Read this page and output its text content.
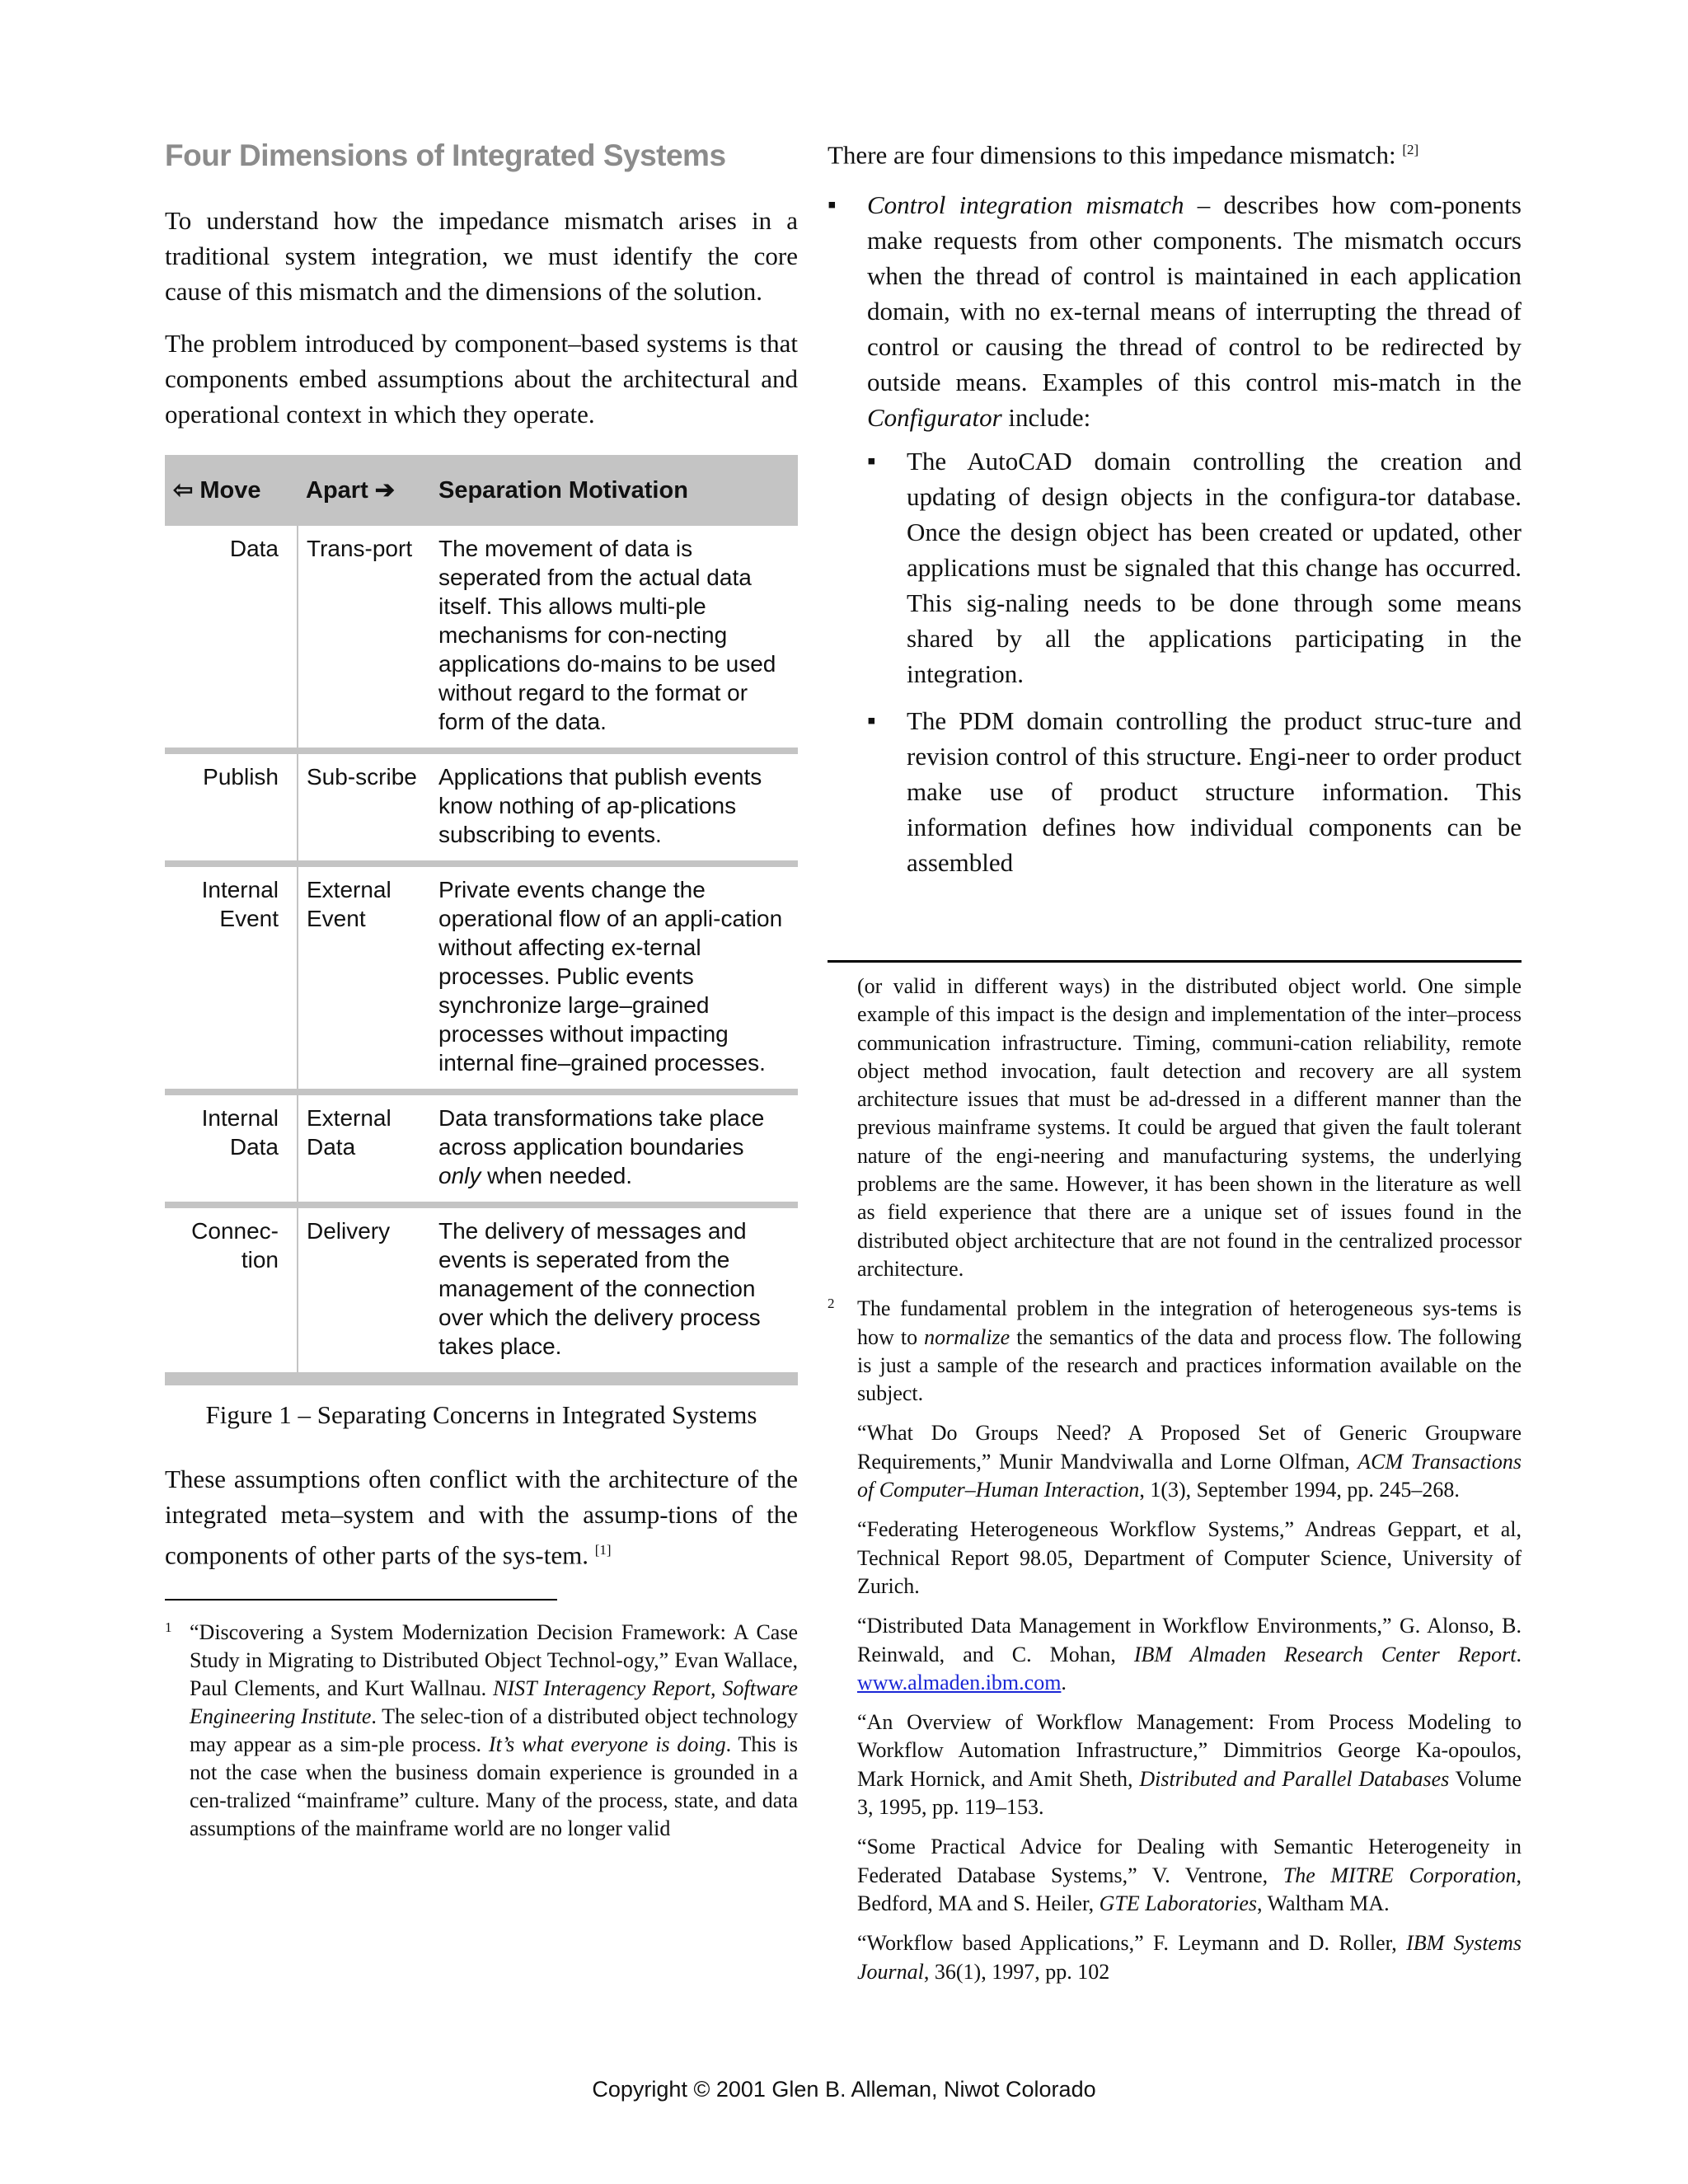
Four Dimensions of Integrated Systems

To understand how the impedance mismatch arises in a traditional system integration, we must identify the core cause of this mismatch and the dimensions of the solution.

The problem introduced by component–based systems is that components embed assumptions about the architectural and operational context in which they operate.

⇦ Move	Apart ➔	Separation Motivation
Data	Trans-port	The movement of data is seperated from the actual data itself. This allows multi-ple mechanisms for con-necting applications do-mains to be used without regard to the format or form of the data.
Publish	Sub-scribe	Applications that publish events know nothing of ap-plications subscribing to events.
Internal Event	External Event	Private events change the operational flow of an appli-cation without affecting ex-ternal processes. Public events synchronize large–grained processes without impacting internal fine–grained processes.
Internal Data	External Data	Data transformations take place across application boundaries only when needed.
Connec-tion	Delivery	The delivery of messages and events is seperated from the management of the connection over which the delivery process takes place.
Figure 1 – Separating Concerns in Integrated Systems

These assumptions often conflict with the architecture of the integrated meta–system and with the assump-tions of the components of other parts of the sys-tem. [1]

1 “Discovering a System Modernization Decision Framework: A Case Study in Migrating to Distributed Object Technol-ogy,” Evan Wallace, Paul Clements, and Kurt Wallnau. NIST Interagency Report, Software Engineering Institute. The selec-tion of a distributed object technology may appear as a sim-ple process. It’s what everyone is doing. This is not the case when the business domain experience is grounded in a cen-tralized “mainframe” culture. Many of the process, state, and data assumptions of the mainframe world are no longer valid

There are four dimensions to this impedance mismatch: [2]

▪ Control integration mismatch – describes how com-ponents make requests from other components. The mismatch occurs when the thread of control is maintained in each application domain, with no ex-ternal means of interrupting the thread of control or causing the thread of control to be redirected by outside means. Examples of this control mis-match in the Configurator include:
▪ The AutoCAD domain controlling the creation and updating of design objects in the configura-tor database. Once the design object has been created or updated, other applications must be signaled that this change has occurred. This sig-naling needs to be done through some means shared by all the applications participating in the integration.
▪ The PDM domain controlling the product struc-ture and revision control of this structure. Engi-neer to order product make use of product structure information. This information defines how individual components can be assembled
(or valid in different ways) in the distributed object world. One simple example of this impact is the design and implementation of the inter–process communication infrastructure. Timing, communi-cation reliability, remote object method invocation, fault detection and recovery are all system architecture issues that must be ad-dressed in a different manner than the previous mainframe systems. It could be argued that given the fault tolerant nature of the engi-neering and manufacturing systems, the underlying problems are the same. However, it has been shown in the literature as well as field experience that there are a unique set of issues found in the distributed object architecture that are not found in the centralized processor architecture.
2 The fundamental problem in the integration of heterogeneous sys-tems is how to normalize the semantics of the data and process flow. The following is just a sample of the research and practices information available on the subject.
“What Do Groups Need? A Proposed Set of Generic Groupware Requirements,” Munir Mandviwalla and Lorne Olfman, ACM Transactions of Computer–Human Interaction, 1(3), September 1994, pp. 245–268.
“Federating Heterogeneous Workflow Systems,” Andreas Geppart, et al, Technical Report 98.05, Department of Computer Science, University of Zurich.
“Distributed Data Management in Workflow Environments,” G. Alonso, B. Reinwald, and C. Mohan, IBM Almaden Research Center Report. www.almaden.ibm.com.
“An Overview of Workflow Management: From Process Modeling to Workflow Automation Infrastructure,” Dimmitrios George Ka-opoulos, Mark Hornick, and Amit Sheth, Distributed and Parallel Databases Volume 3, 1995, pp. 119–153.
“Some Practical Advice for Dealing with Semantic Heterogeneity in Federated Database Systems,” V. Ventrone, The MITRE Corporation, Bedford, MA and S. Heiler, GTE Laboratories, Waltham MA.
“Workflow based Applications,” F. Leymann and D. Roller, IBM Systems Journal, 36(1), 1997, pp. 102
Copyright © 2001 Glen B. Alleman, Niwot Colorado
